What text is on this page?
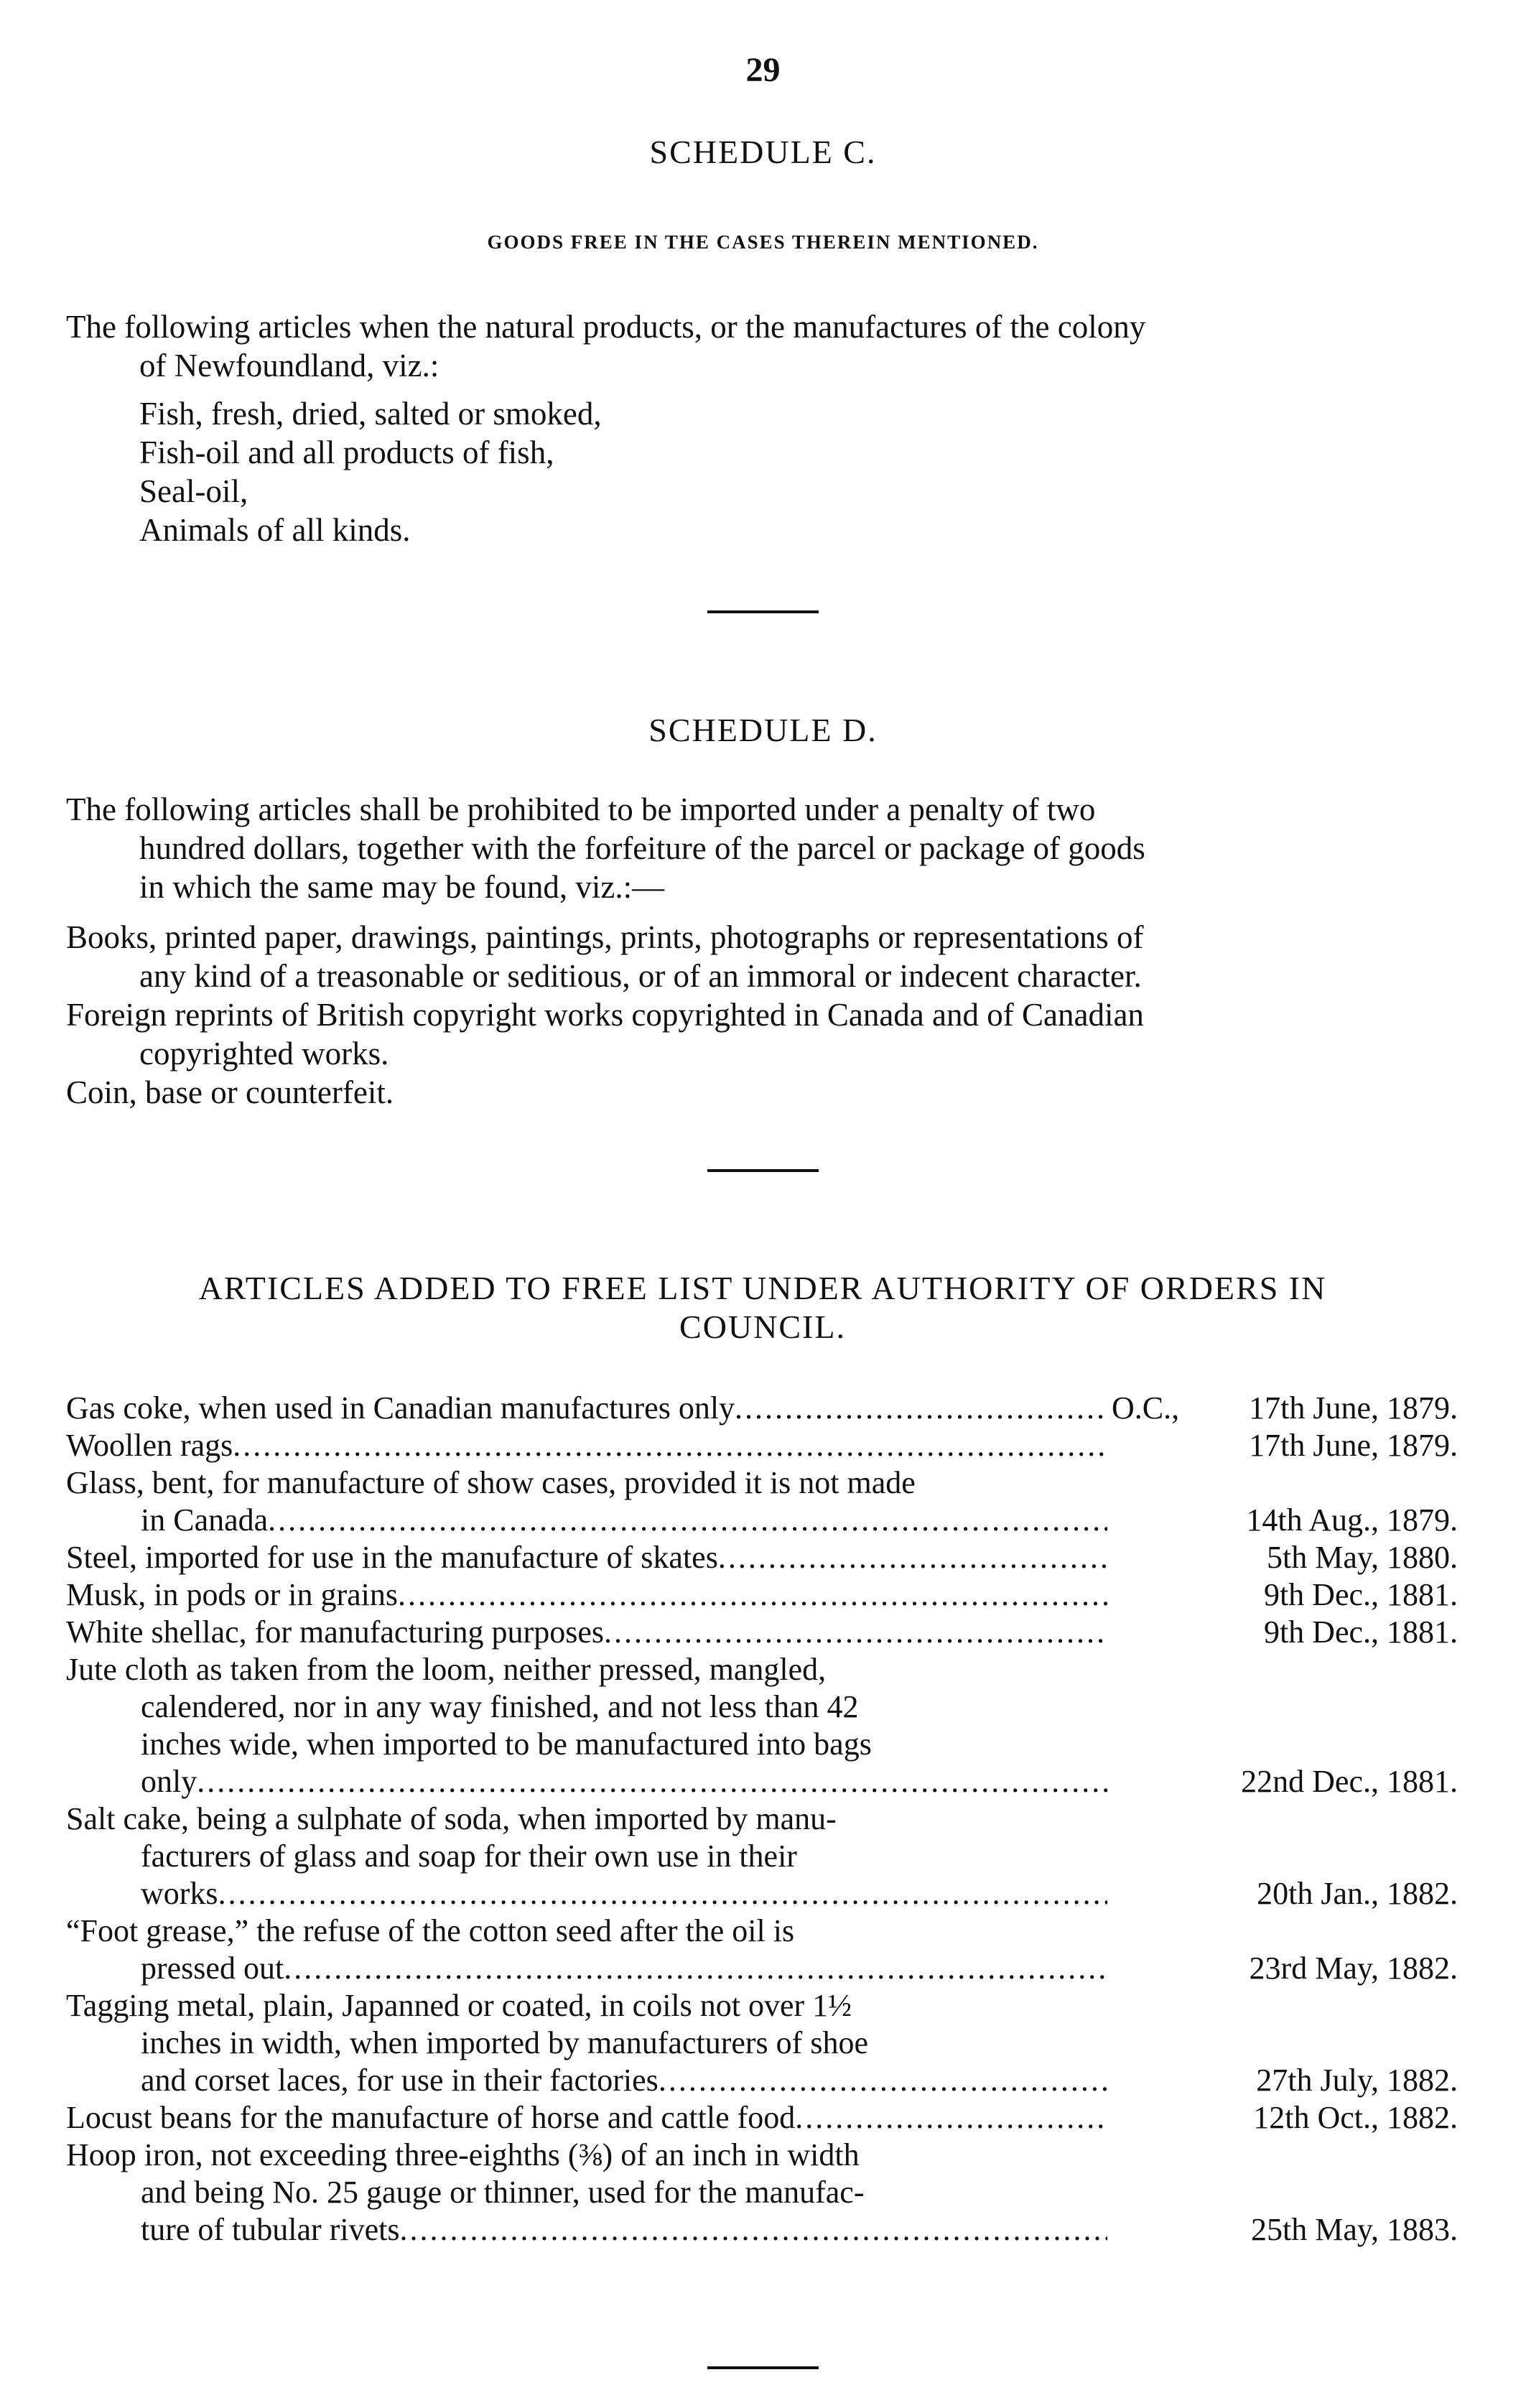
29
SCHEDULE C.
GOODS FREE IN THE CASES THEREIN MENTIONED.
The following articles when the natural products, or the manufactures of the colony
of Newfoundland, viz.:
Fish, fresh, dried, salted or smoked,
Fish-oil and all products of fish,
Seal-oil,
Animals of all kinds.
SCHEDULE D.
The following articles shall be prohibited to be imported under a penalty of two
hundred dollars, together with the forfeiture of the parcel or package of goods
in which the same may be found, viz.:—
Books, printed paper, drawings, paintings, prints, photographs or representations of
any kind of a treasonable or seditious, or of an immoral or indecent character.
Foreign reprints of British copyright works copyrighted in Canada and of Canadian
copyrighted works.
Coin, base or counterfeit.
ARTICLES ADDED TO FREE LIST UNDER AUTHORITY OF ORDERS IN
COUNCIL.
Gas coke, when used in Canadian manufactures only .....	O.C., 17th June, 1879.
Woollen rags .....	17th June, 1879.
Glass, bent, for manufacture of show cases, provided it is not made
in Canada .....	14th Aug., 1879.
Steel, imported for use in the manufacture of skates .....	5th May, 1880.
Musk, in pods or in grains .....	9th Dec., 1881.
White shellac, for manufacturing purposes .....	9th Dec., 1881.
Jute cloth as taken from the loom, neither pressed, mangled,
calendered, nor in any way finished, and not less than 42
inches wide, when imported to be manufactured into bags
only .....	22nd Dec., 1881.
Salt cake, being a sulphate of soda, when imported by manu-
facturers of glass and soap for their own use in their
works .....	20th Jan., 1882.
“Foot grease,” the refuse of the cotton seed after the oil is
pressed out .....	23rd May, 1882.
Tagging metal, plain, Japanned or coated, in coils not over 1½
inches in width, when imported by manufacturers of shoe
and corset laces, for use in their factories .....	27th July, 1882.
Locust beans for the manufacture of horse and cattle food .....	12th Oct., 1882.
Hoop iron, not exceeding three-eighths (⅜) of an inch in width
and being No. 25 gauge or thinner, used for the manufac-
ture of tubular rivets .....	25th May, 1883.
